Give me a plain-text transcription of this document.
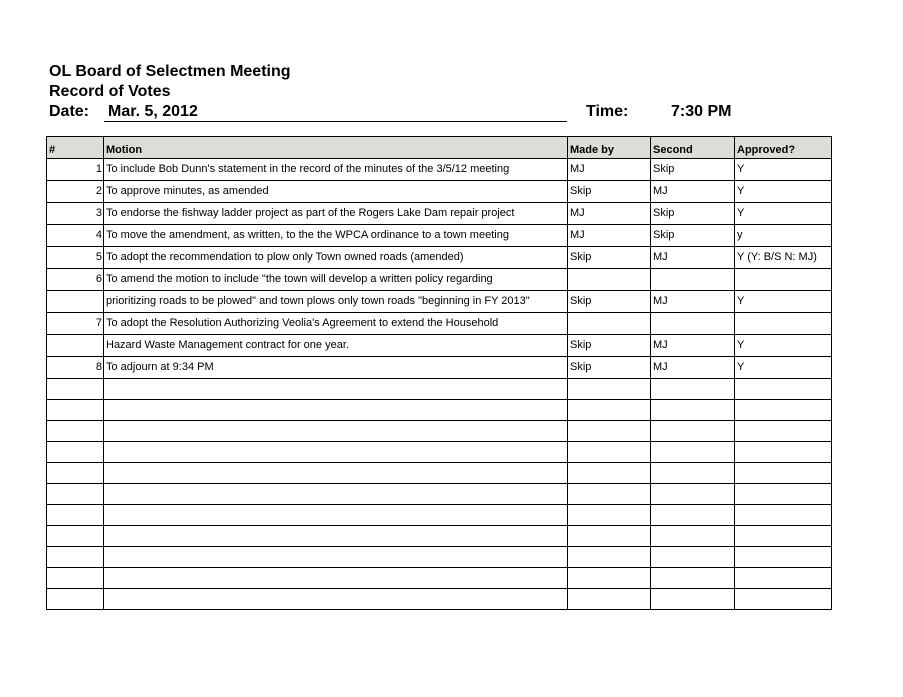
OL Board of Selectmen Meeting
Record of Votes
Date: Mar. 5, 2012	Time:	7:30 PM
#	Motion	Made by	Second	Approved?
1	To include Bob Dunn's statement in the record of the minutes of the 3/5/12 meeting	MJ	Skip	Y
2	To approve minutes, as amended	Skip	MJ	Y
3	To endorse the fishway ladder project as part of the Rogers Lake Dam repair project	MJ	Skip	Y
4	To move the amendment, as written, to the the WPCA ordinance to a town meeting	MJ	Skip	y
5	To adopt the recommendation to plow only Town owned roads (amended)	Skip	MJ	Y (Y: B/S N: MJ)
6	To amend the motion to include "the town will develop a written policy regarding			
	prioritizing roads to be plowed" and town plows only town roads "beginning in FY 2013"	Skip	MJ	Y
7	To adopt the Resolution Authorizing Veolia's Agreement to extend the Household			
	Hazard Waste Management contract for one year.	Skip	MJ	Y
8	To adjourn at 9:34 PM	Skip	MJ	Y
